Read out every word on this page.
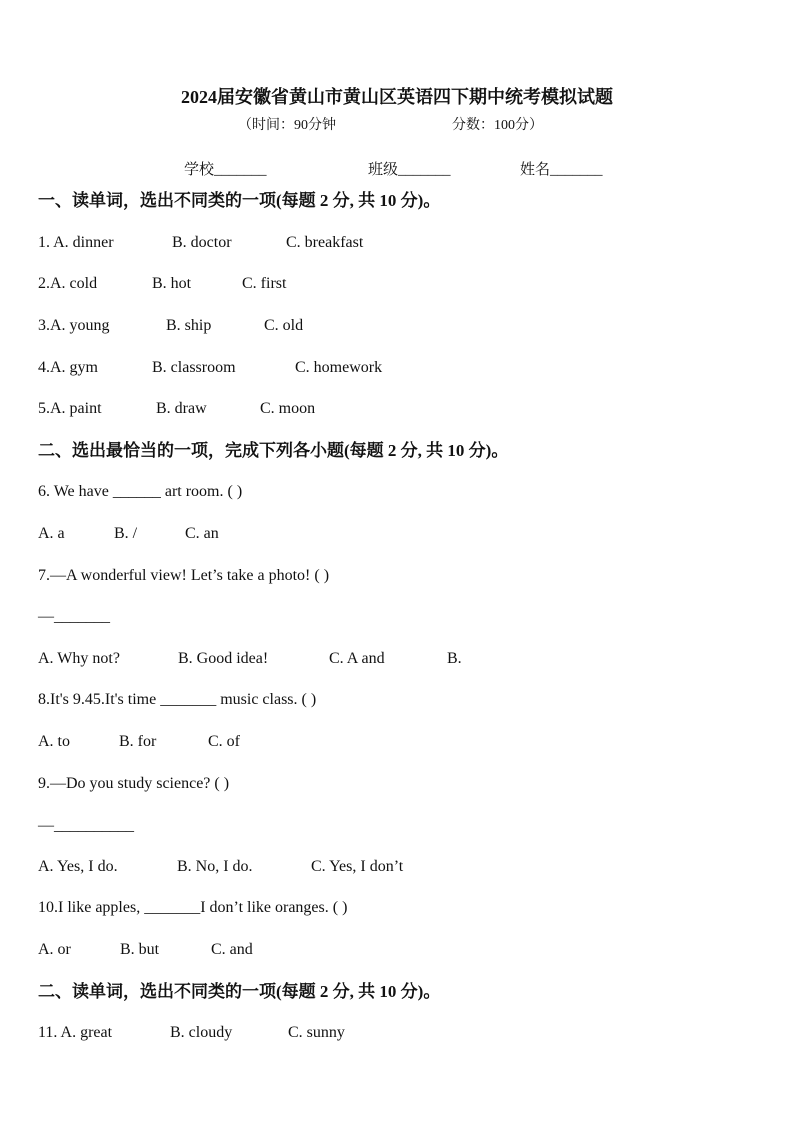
2024届安徽省黄山市黄山区英语四下期中统考模拟试题
（时间：90分钟	分数：100分）
学校_______	班级_______	姓名_______
一、读单词，选出不同类的一项(每题 2 分, 共 10 分)。
1. A. dinner	B. doctor	C. breakfast
2.A. cold	B. hot	C. first
3.A. young	B. ship	C. old
4.A. gym	B. classroom	C. homework
5.A. paint	B. draw	C. moon
二、选出最恰当的一项，完成下列各小题(每题 2 分, 共 10 分)。
6. We have ______ art room. ( )
A. a	B. /	C. an
7.—A wonderful view! Let’s take a photo! ( )
—_______
A. Why not?	B. Good idea!	C. A and	B.
8.It's 9.45.It's time _______ music class. ( )
A. to	B. for	C. of
9.—Do you study science? ( )
—__________
A. Yes, I do.	B. No, I do.	C. Yes, I don’t
10.I like apples, _______I don’t like oranges. ( )
A. or	B. but	C. and
二、读单词，选出不同类的一项(每题 2 分, 共 10 分)。
11. A. great	B. cloudy	C. sunny
